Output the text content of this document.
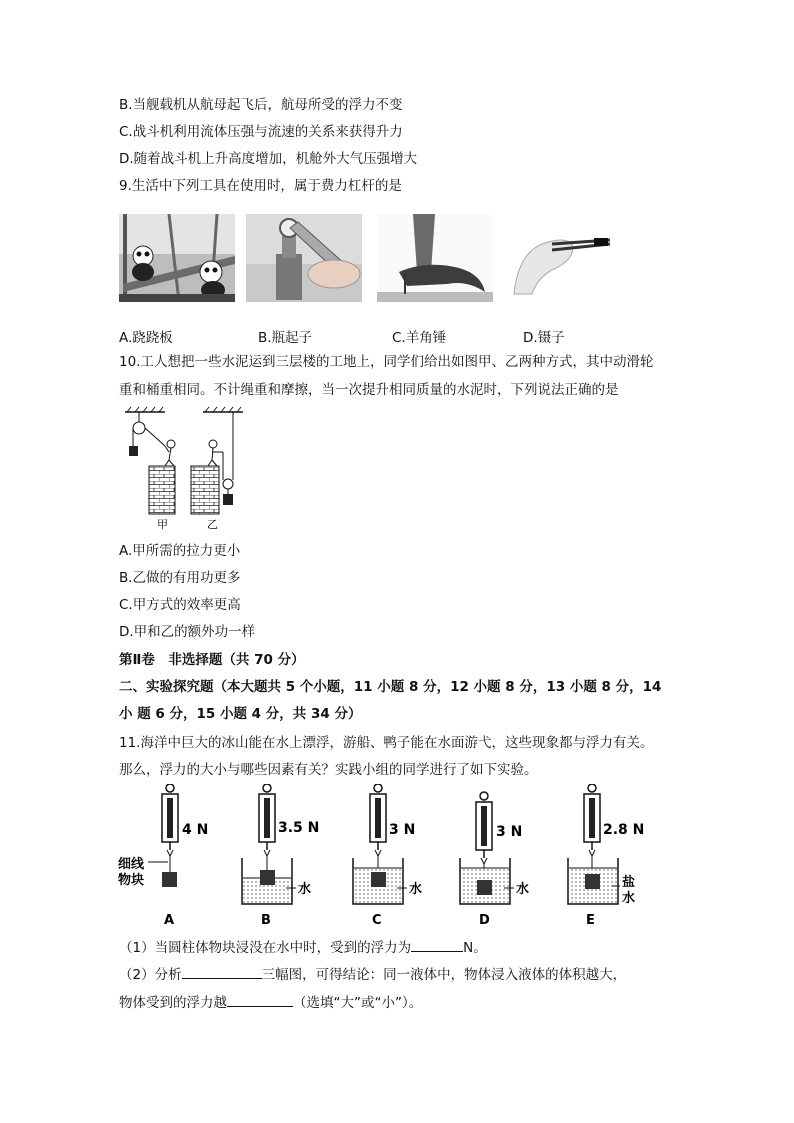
B.当舰载机从航母起飞后，航母所受的浮力不变
C.战斗机利用流体压强与流速的关系来获得升力
D.随着战斗机上升高度增加，机舱外大气压强增大
9.生活中下列工具在使用时，属于费力杠杆的是
A.跷跷板	B.瓶起子	C.羊角锤	D.镊子
10.工人想把一些水泥运到三层楼的工地上，同学们给出如图甲、乙两种方式，其中动滑轮
重和桶重相同。不计绳重和摩擦，当一次提升相同质量的水泥时，下列说法正确的是
甲	乙
A.甲所需的拉力更小
B.乙做的有用功更多
C.甲方式的效率更高
D.甲和乙的额外功一样
第Ⅱ卷　非选择题（共 70 分）
二、实验探究题（本大题共 5 个小题，11 小题 8 分，12 小题 8 分，13 小题 8 分，14
小 题 6 分，15 小题 4 分，共 34 分）
11.海洋中巨大的冰山能在水上漂浮，游船、鸭子能在水面游弋，这些现象都与浮力有关。
那么，浮力的大小与哪些因素有关？实践小组的同学进行了如下实验。
4 N
细线
物块
A
3.5 N
水
B
3 N
水
C
3 N
水
D
2.8 N
盐
水
E
（1）当圆柱体物块浸没在水中时，受到的浮力为	N。
（2）分析	三幅图，可得结论：同一液体中，物体浸入液体的体积越大，
物体受到的浮力越	（选填“大”或“小”）。
